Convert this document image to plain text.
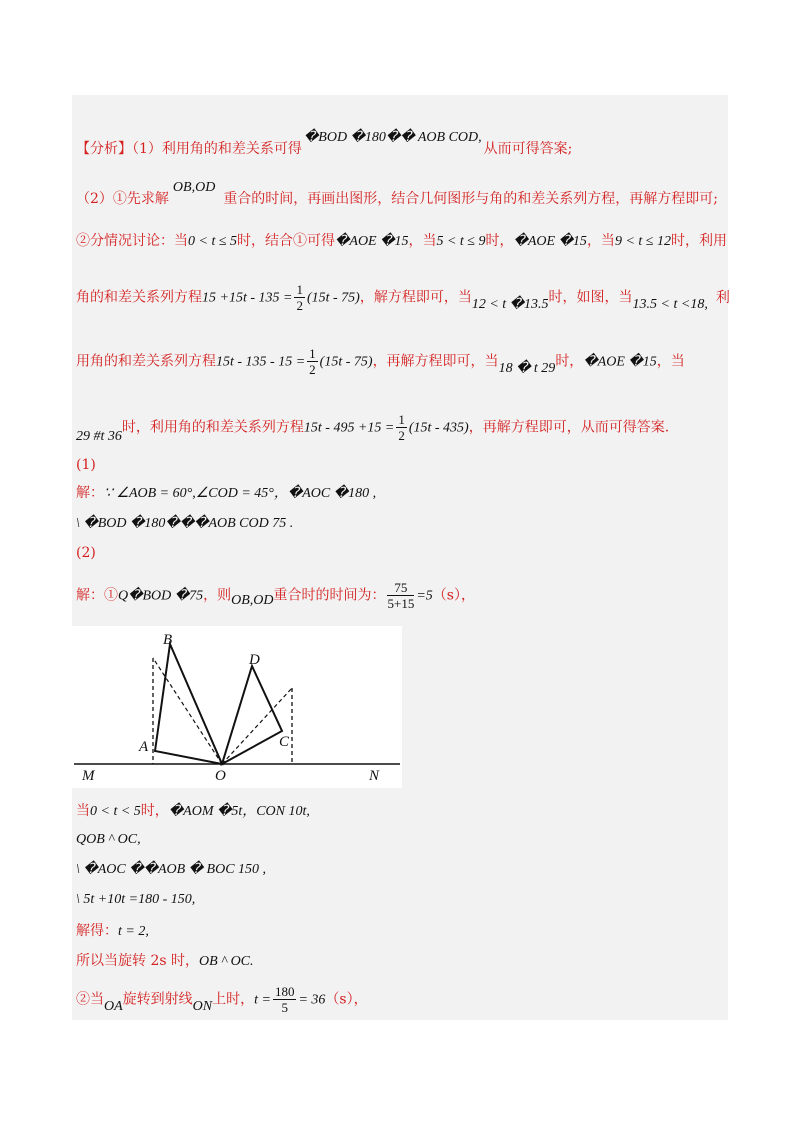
【分析】（1）利用角的和差关系可得�BOD �180�� AOB COD,从而可得答案;
（2）①先求解OB,OD重合的时间，再画出图形，结合几何图形与角的和差关系列方程，再解方程即可;
②分情况讨论：当0 < t ≤ 5时，结合①可得�AOE �15，当5 < t ≤ 9时，�AOE �15，当9 < t ≤ 12时，利用
角的和差关系列方程$15 +15t - 135 = \frac{1}{2} (15t - 75)$，解方程即可，当12 < t �13.5时，如图，当13.5 < t <18, 利
用角的和差关系列方程$15t - 135 - 15 = \frac{1}{2} (15t - 75)$，再解方程即可，当18 � t 29时，�AOE �15，当
29 #t 36时，利用角的和差关系列方程$15t - 495 +15 = \frac{1}{2} (15t - 435)$，再解方程即可，从而可得答案.
(1)
解：∵ ∠AOB = 60°,∠COD = 45°，�AOC �180 ,
\ �BOD �180���AOB COD 75 .
(2)
解：①Q�BOD �75，则OB,OD重合时的时间为： $\frac{75}{5+15} =5(s)$，
B
D
A	C
M	O	N
当0 < t < 5时，�AOM �5t，CON 10t,
QOB ^ OC,
\ �AOC ��AOB � BOC 150 ,
\ 5t +10t =180 - 150,
解得：t = 2,
所以当旋转 2s 时，OB ^ OC.
②当OA旋转到射线ON上时，$t = \frac{180}{5} = 36(s)$，
